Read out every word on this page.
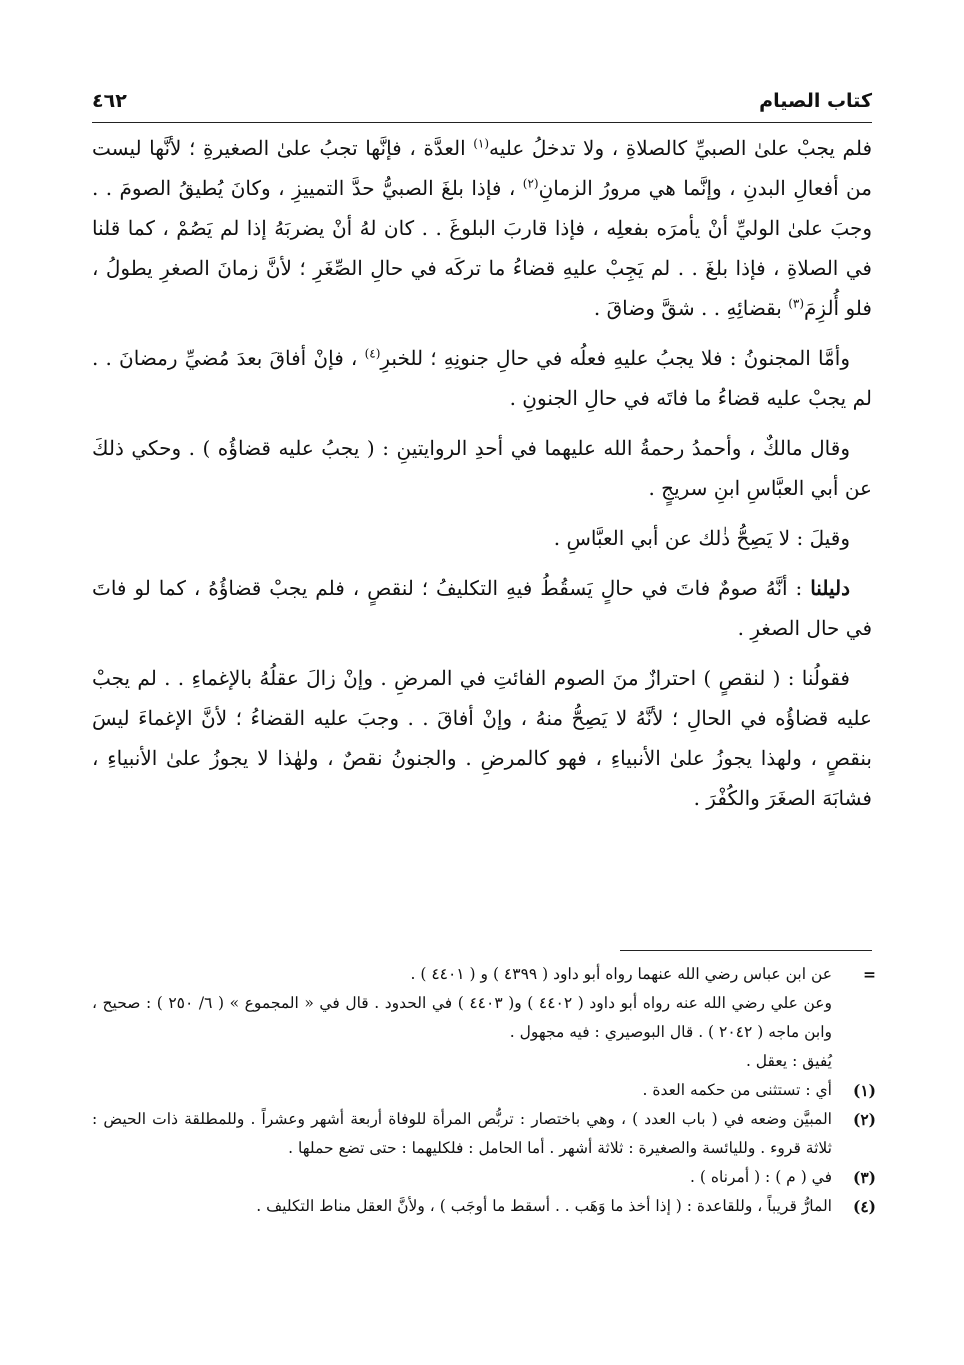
٤٦٢	كتاب الصيام

فلم يجبْ علىٰ الصبيِّ كالصلاةِ ، ولا تدخلُ عليه$^{(١)}$ العدَّة ، فإنَّها تجبُ علىٰ الصغيرةِ ؛ لأنَّها ليست من أفعالِ البدنِ ، وإنَّما هي مرورُ الزمانِ$^{(٢)}$ ، فإذا بلغَ الصبيُّ حدَّ التمييزِ ، وكانَ يُطيقُ الصومَ . . وجبَ علىٰ الوليِّ أنْ يأمرَه بفعلِه ، فإذا قاربَ البلوغَ . . كان لهُ أنْ يضربَهُ إذا لم يَصُمْ ، كما قلنا في الصلاةِ ، فإذا بلغَ . . لم يَجِبْ عليهِ قضاءُ ما تركَه في حالِ الصِّغَرِ ؛ لأنَّ زمانَ الصغرِ يطولُ ، فلو أُلزِمَ$^{(٣)}$ بقضائِهِ . . شقَّ وضاقَ .

وأمَّا المجنونُ : فلا يجبُ عليهِ فعلُه في حالِ جنونِهِ ؛ للخبرِ$^{(٤)}$ ، فإنْ أفاقَ بعدَ مُضيِّ رمضانَ . . لم يجبْ عليه قضاءُ ما فاتَه في حالِ الجنونِ .

وقال مالكٌ ، وأحمدُ رحمةُ الله عليهما في أحدِ الروايتينِ : ( يجبُ عليه قضاؤُه ) . وحكي ذلكَ عن أبي العبَّاسِ ابنِ سريجٍ .

وقيلَ : لا يَصِحُّ ذٰلك عن أبي العبَّاسِ .

دليلنا : أنَّهُ صومٌ فاتَ في حالٍ يَسقُطُ فيهِ التكليفُ ؛ لنقصٍ ، فلم يجبْ قضاؤُهُ ، كما لو فاتَ في حال الصغرِ .

فقولُنا : ( لنقصٍ ) احترازٌ منَ الصوم الفائتِ في المرضِ . وإنْ زالَ عقلُهُ بالإغماءِ . . لم يجبْ عليه قضاؤُه في الحالِ ؛ لأنَّهُ لا يَصِحُّ منهُ ، وإنْ أفاقَ . . وجبَ عليه القضاءُ ؛ لأنَّ الإغماءَ ليسَ بنقصٍ ، ولهذا يجوزُ علىٰ الأنبياءِ ، فهو كالمرضِ . والجنونُ نقصٌ ، ولهٰذا لا يجوزُ علىٰ الأنبياءِ ، فشابَهَ الصغَرَ والكُفْرَ .

=
عن ابن عباس رضي الله عنهما رواه أبو داود ( ٤٣٩٩ ) و ( ٤٤٠١ ) .
وعن علي رضي الله عنه رواه أبو داود ( ٤٤٠٢ ) و( ٤٤٠٣ ) في الحدود . قال في « المجموع » ( ٦/ ٢٥٠ ) : صحيح ، وابن ماجه ( ٢٠٤٢ ) . قال البوصيري : فيه مجهول .
يُفيق : يعقل .
(١)
أي : تستثنى من حكمه العدة .
(٢)
المبيَّن وضعه في ( باب العدد ) ، وهي باختصار : تربُّص المرأة للوفاة أربعة أشهر وعشراً . وللمطلقة ذات الحيض : ثلاثة قروء . ولليائسة والصغيرة : ثلاثة أشهر . أما الحامل : فلكليهما : حتى تضع حملها .
(٣)
في ( م ) : ( أمرناه ) .
(٤)
المارُّ قريباً ، وللقاعدة : ( إذا أخذ ما وَهَب . . أسقط ما أوجَب ) ، ولأنَّ العقل مناط التكليف .
